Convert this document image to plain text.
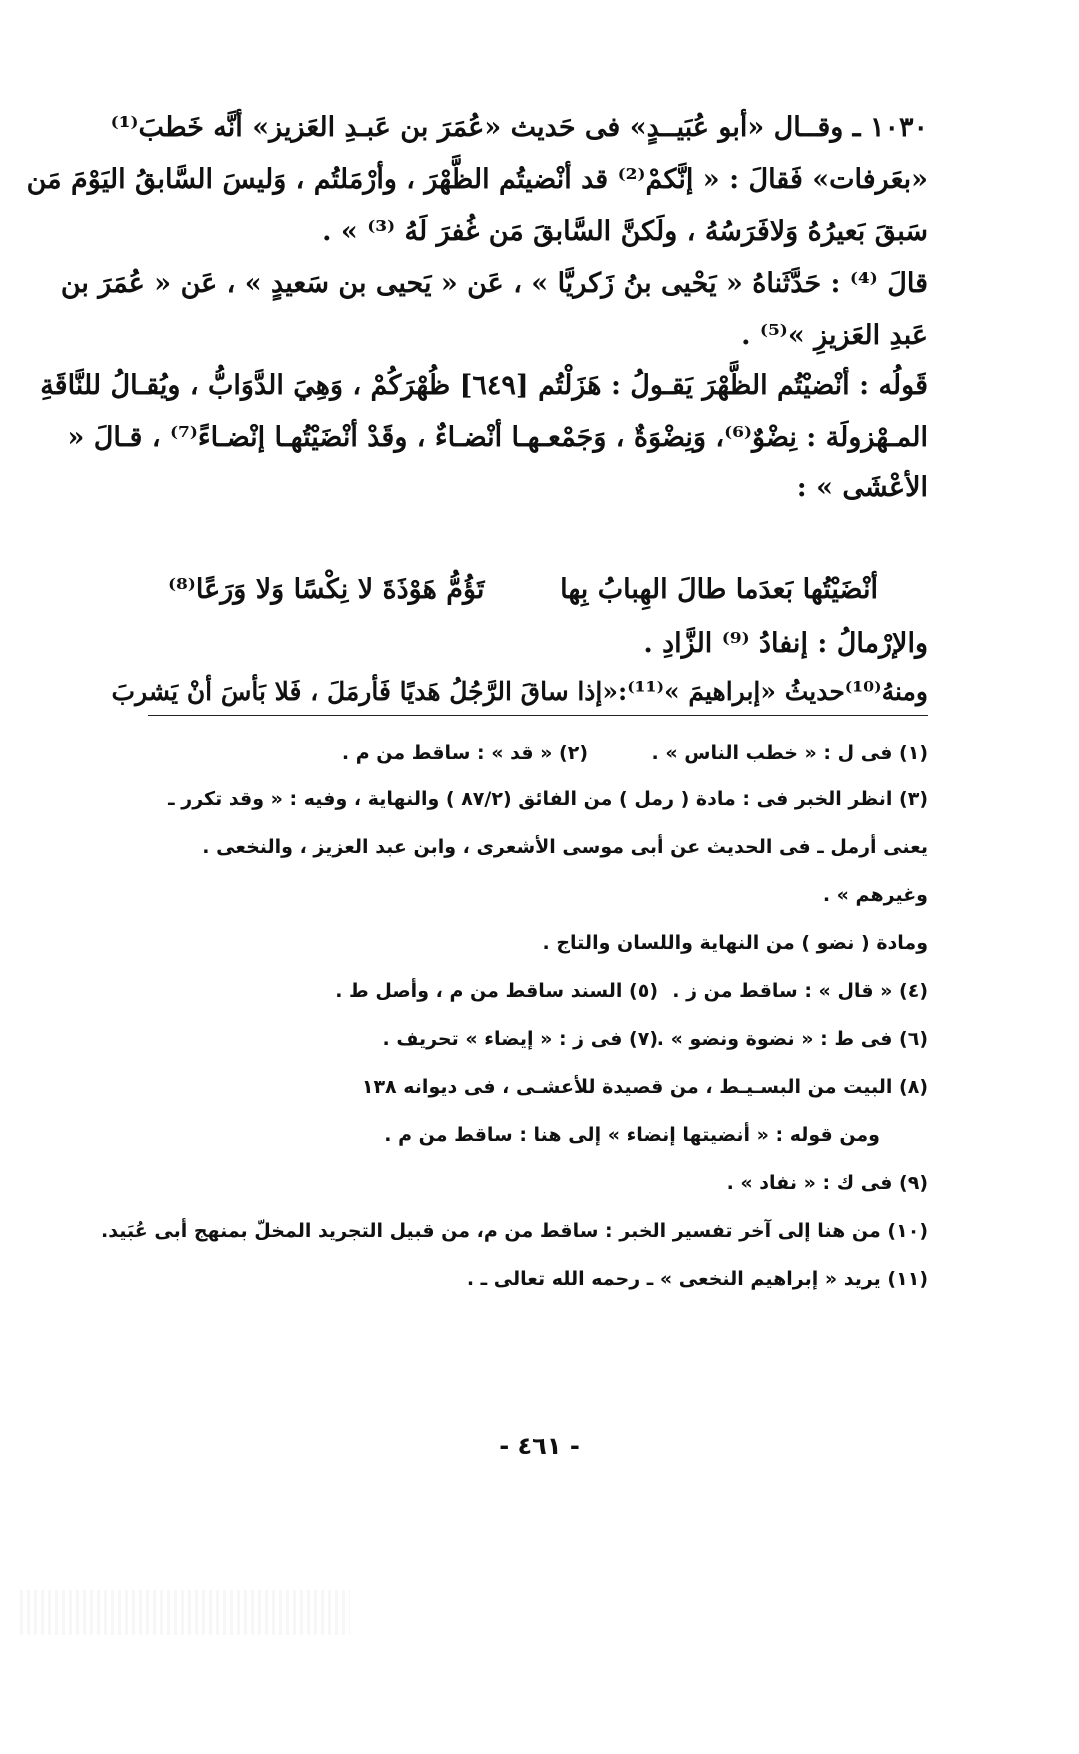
١٠٣٠ ـ وقــال «أبو عُبَيــدٍ» فى حَديث «عُمَرَ بن عَبـدِ العَزيز» أنَّه خَطبَ⁽¹⁾
«بعَرفات» فَقالَ : « إنَّكمْ⁽²⁾ قد أنْضيتُم الظَّهْرَ ، وأرْمَلتُم ، وَليسَ السَّابقُ اليَوْمَ مَن
سَبقَ بَعيرُهُ وَلافَرَسُهُ ، ولَكنَّ السَّابقَ مَن غُفرَ لَهُ ⁽³⁾ » .
قالَ ⁽⁴⁾ : حَدَّثَناهُ « يَحْيى بنُ زَكريَّا » ، عَن « يَحيى بن سَعيدٍ » ، عَن « عُمَرَ بن
عَبدِ العَزيزِ »⁽⁵⁾ .
قَولُه : أنْضيْتُم الظَّهْرَ يَقـولُ : هَزَلْتُم [٦٤٩] ظُهْرَكُمْ ، وَهِيَ الدَّوَابُّ ، ويُقـالُ للنَّاقَةِ
المـهْزولَة : نِضْوٌ⁽⁶⁾، وَنِضْوَةٌ ، وَجَمْعـهـا أنْضـاءٌ ، وقَدْ أنْضَيْتُهـا إنْضـاءً⁽⁷⁾ ، قـالَ «
الأعْشَى » :
أنْضَيْتُها بَعدَما طالَ الهِبابُ بِها
تَؤُمُّ هَوْذَةَ لا نِكْسًا وَلا وَرَعًا⁽⁸⁾
والإرْمالُ : إنفادُ ⁽⁹⁾ الزَّادِ .
ومنهُ⁽¹⁰⁾حديثُ «إبراهيمَ »⁽¹¹⁾:«إذا ساقَ الرَّجُلُ هَديًا فَأرمَلَ ، فَلا بَأسَ أنْ يَشربَ
(١) فى ل : « خطب الناس » .
(٢) « قد » : ساقط من م .
(٣) انظر الخبر فى : مادة ( رمل ) من الفائق (٨٧/٢ ) والنهاية ، وفيه : « وقد تكرر ـ
يعنى أرمل ـ فى الحديث عن أبى موسى الأشعرى ، وابن عبد العزيز ، والنخعى .
وغيرهم » .
ومادة ( نضو ) من النهاية واللسان والتاج .
(٤) « قال » : ساقط من ز .
(٥) السند ساقط من م ، وأصل ط .
(٦) فى ط : « نضوة ونضو » .
(٧) فى ز : « إيضاء » تحريف .
(٨) البيت من البسـيـط ، من قصيدة للأعشـى ، فى ديوانه ١٣٨
ومن قوله : « أنضيتها إنضاء » إلى هنا : ساقط من م .
(٩) فى ك : « نفاد » .
(١٠) من هنا إلى آخر تفسير الخبر : ساقط من م، من قبيل التجريد المخلّ بمنهج أبى عُبَيد.
(١١) يريد « إبراهيم النخعى » ـ رحمه الله تعالى ـ .
- ٤٦١ -
